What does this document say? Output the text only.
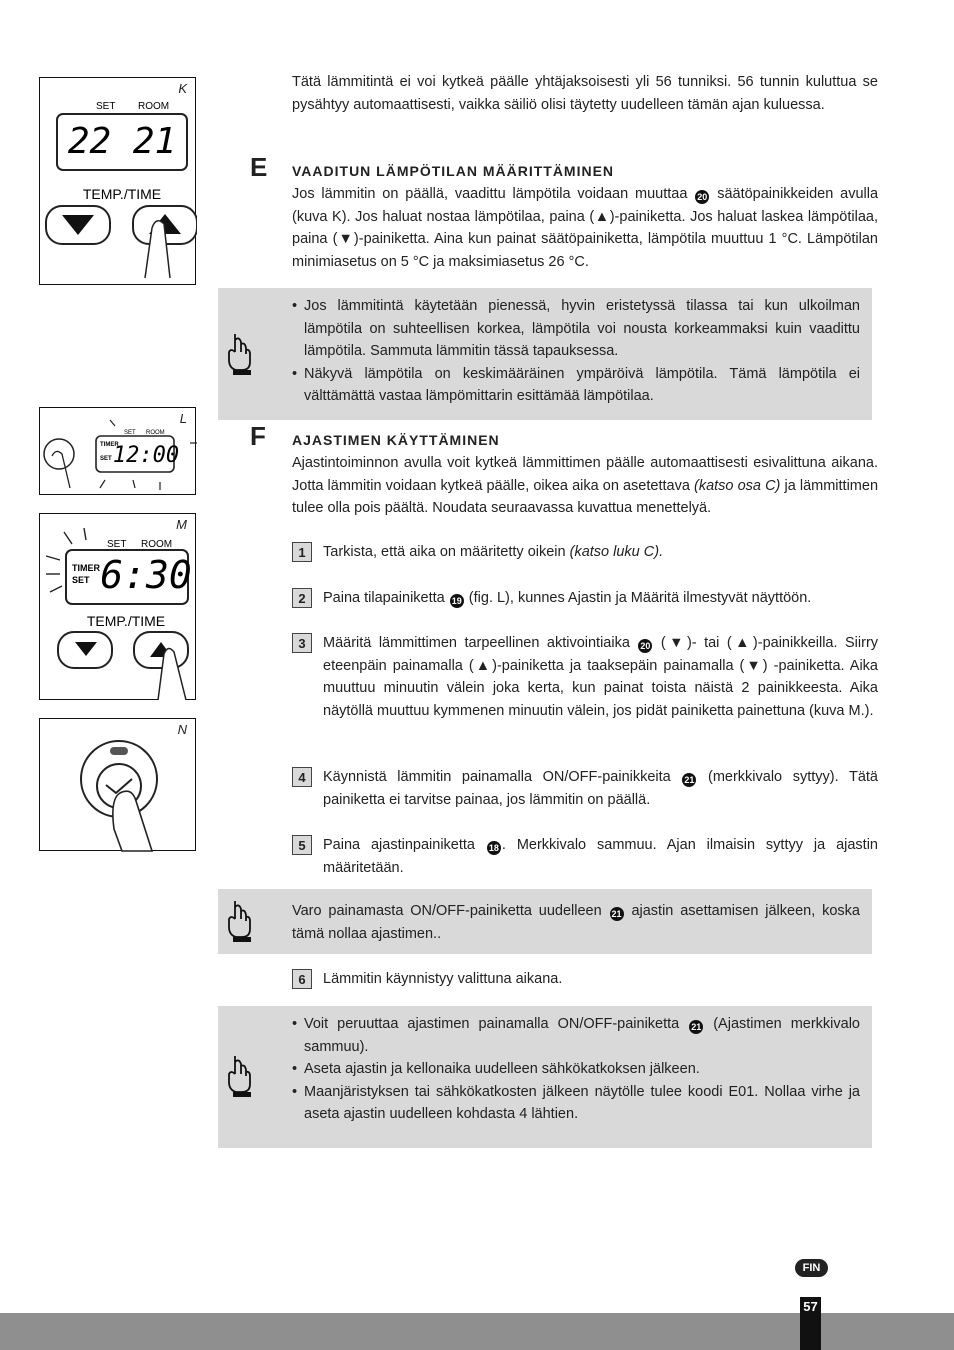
K
SET ROOM
22 21
TEMP./TIME
L
SET ROOM
TIMER
SET 12:00
M
SET ROOM
TIMER
SET 6:30
TEMP./TIME
N
Tätä lämmitintä ei voi kytkeä päälle yhtäjaksoisesti yli 56 tunniksi. 56 tunnin kuluttua se pysähtyy automaattisesti, vaikka säiliö olisi täytetty uudelleen tämän ajan kuluessa.
E VAADITUN LÄMPÖTILAN MÄÄRITTÄMINEN
Jos lämmitin on päällä, vaadittu lämpötila voidaan muuttaa 20 säätöpainikkeiden avulla (kuva K). Jos haluat nostaa lämpötilaa, paina (▲)-painiketta. Jos haluat laskea lämpötilaa, paina (▼)-painiketta. Aina kun painat säätöpainiketta, lämpötila muuttuu 1 °C. Lämpötilan minimiasetus on 5 °C ja maksimiasetus 26 °C.
• Jos lämmitintä käytetään pienessä, hyvin eristetyssä tilassa tai kun ulkoilman lämpötila on suhteellisen korkea, lämpötila voi nousta korkeammaksi kuin vaadittu lämpötila. Sammuta lämmitin tässä tapauksessa.
• Näkyvä lämpötila on keskimääräinen ympäröivä lämpötila. Tämä lämpötila ei välttämättä vastaa lämpömittarin esittämää lämpötilaa.
F AJASTIMEN KÄYTTÄMINEN
Ajastintoiminnon avulla voit kytkeä lämmittimen päälle automaattisesti esivalittuna aikana. Jotta lämmitin voidaan kytkeä päälle, oikea aika on asetettava (katso osa C) ja lämmittimen tulee olla pois päältä. Noudata seuraavassa kuvattua menettelyä.
1	Tarkista, että aika on määritetty oikein (katso luku C).
2	Paina tilapainiketta 19 (fig. L), kunnes Ajastin ja Määritä ilmestyvät näyttöön.
3	Määritä lämmittimen tarpeellinen aktivointiaika 20 (▼)- tai (▲)-painikkeilla. Siirry eteenpäin painamalla (▲)-painiketta ja taaksepäin painamalla (▼) -painiketta. Aika muuttuu minuutin välein joka kerta, kun painat toista näistä 2 painikkeesta. Aika näytöllä muuttuu kymmenen minuutin välein, jos pidät painiketta painettuna (kuva M.).
4	Käynnistä lämmitin painamalla ON/OFF-painikkeita 21 (merkkivalo syttyy). Tätä painiketta ei tarvitse painaa, jos lämmitin on päällä.
5	Paina ajastinpainiketta 18 . Merkkivalo sammuu. Ajan ilmaisin syttyy ja ajastin määritetään.
Varo painamasta ON/OFF-painiketta uudelleen 21 ajastin asettamisen jälkeen, koska tämä nollaa ajastimen..
6	Lämmitin käynnistyy valittuna aikana.
• Voit peruuttaa ajastimen painamalla ON/OFF-painiketta 21 (Ajastimen merkkivalo sammuu).
• Aseta ajastin ja kellonaika uudelleen sähkökatkoksen jälkeen.
• Maanjäristyksen tai sähkökatkosten jälkeen näytölle tulee koodi E01. Nollaa virhe ja aseta ajastin uudelleen kohdasta 4 lähtien.
FIN
57
